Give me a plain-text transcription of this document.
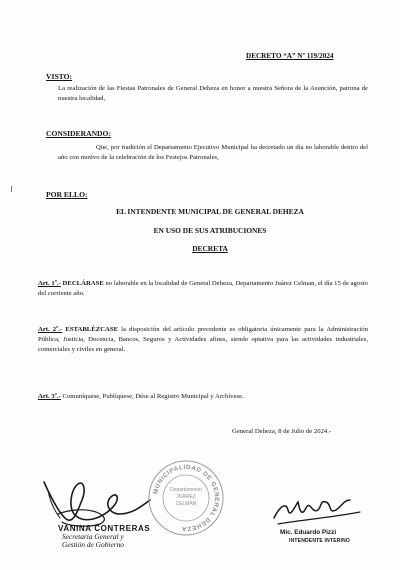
DECRETO “A” Nº 119/2024
VISTO:
La realización de las Fiestas Patronales de General Deheza en honor a nuestra Señora de la Asunción, patrona de nuestra localidad,
CONSIDERANDO:
Que, por tradición el Departamento Ejecutivo Municipal ha decretado un día no laborable dentro del año con motivo de la celebración de los Festejos Patronales,
POR ELLO:
EL INTENDENTE MUNICIPAL DE GENERAL DEHEZA
EN USO DE SUS ATRIBUCIONES
DECRETA
Art. 1º.- DECLÁRASE no laborable en la localidad de General Deheza, Departamento Juárez Celman, el día 15 de agosto del corriente año.
Art. 2º.- ESTABLÉZCASE la disposición del artículo precedente es obligatoria únicamente para la Administración Pública, Justicia, Docencia, Bancos, Seguros y Actividades afines, siendo optativa para las actividades industriales, comerciales y civiles en general.
Art. 3º.- Comuníquese, Publíquese, Dése al Registro Municipal y Archívese.
General Deheza, 8 de Julio de 2024.-
VANINA CONTRERAS
Secretaria General y
Gestión de Gobierno
MUNICIPALIDAD DE GENERAL DEHEZA
Departamento
JUÁREZ
CELMAN
Mic. Eduardo Pizzi
INTENDENTE INTERINO
